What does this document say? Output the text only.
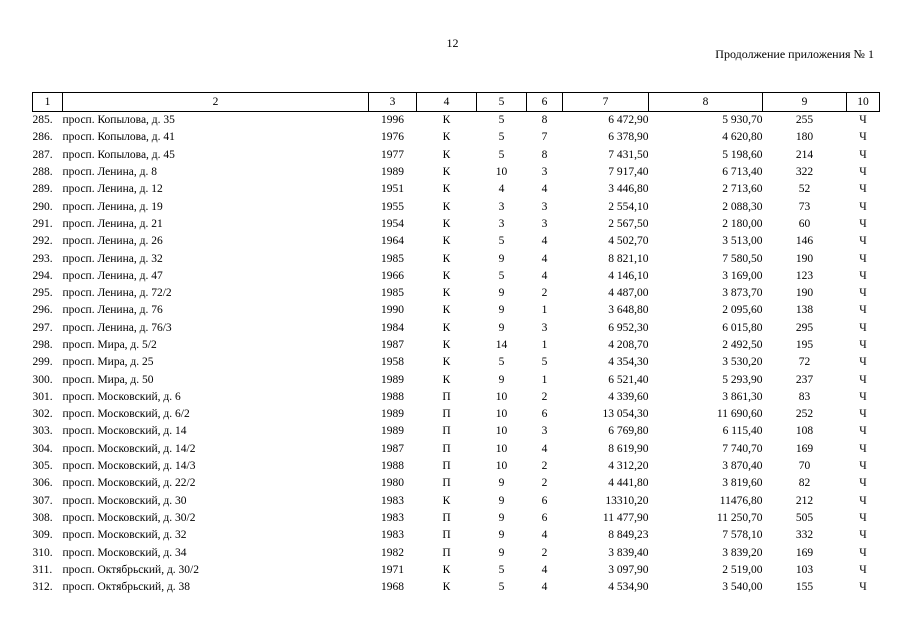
12
Продолжение приложения № 1
1	2	3	4	5	6	7	8	9	10
285.	просп. Копылова, д. 35	1996	К	5	8	6 472,90	5 930,70	255	Ч
286.	просп. Копылова, д. 41	1976	К	5	7	6 378,90	4 620,80	180	Ч
287.	просп. Копылова, д. 45	1977	К	5	8	7 431,50	5 198,60	214	Ч
288.	просп. Ленина, д. 8	1989	К	10	3	7 917,40	6 713,40	322	Ч
289.	просп. Ленина, д. 12	1951	К	4	4	3 446,80	2 713,60	52	Ч
290.	просп. Ленина, д. 19	1955	К	3	3	2 554,10	2 088,30	73	Ч
291.	просп. Ленина, д. 21	1954	К	3	3	2 567,50	2 180,00	60	Ч
292.	просп. Ленина, д. 26	1964	К	5	4	4 502,70	3 513,00	146	Ч
293.	просп. Ленина, д. 32	1985	К	9	4	8 821,10	7 580,50	190	Ч
294.	просп. Ленина, д. 47	1966	К	5	4	4 146,10	3 169,00	123	Ч
295.	просп. Ленина, д. 72/2	1985	К	9	2	4 487,00	3 873,70	190	Ч
296.	просп. Ленина, д. 76	1990	К	9	1	3 648,80	2 095,60	138	Ч
297.	просп. Ленина, д. 76/3	1984	К	9	3	6 952,30	6 015,80	295	Ч
298.	просп. Мира, д. 5/2	1987	К	14	1	4 208,70	2 492,50	195	Ч
299.	просп. Мира, д. 25	1958	К	5	5	4 354,30	3 530,20	72	Ч
300.	просп. Мира, д. 50	1989	К	9	1	6 521,40	5 293,90	237	Ч
301.	просп. Московский, д. 6	1988	П	10	2	4 339,60	3 861,30	83	Ч
302.	просп. Московский, д. 6/2	1989	П	10	6	13 054,30	11 690,60	252	Ч
303.	просп. Московский, д. 14	1989	П	10	3	6 769,80	6 115,40	108	Ч
304.	просп. Московский, д. 14/2	1987	П	10	4	8 619,90	7 740,70	169	Ч
305.	просп. Московский, д. 14/3	1988	П	10	2	4 312,20	3 870,40	70	Ч
306.	просп. Московский, д. 22/2	1980	П	9	2	4 441,80	3 819,60	82	Ч
307.	просп. Московский, д. 30	1983	К	9	6	13310,20	11476,80	212	Ч
308.	просп. Московский, д. 30/2	1983	П	9	6	11 477,90	11 250,70	505	Ч
309.	просп. Московский, д. 32	1983	П	9	4	8 849,23	7 578,10	332	Ч
310.	просп. Московский, д. 34	1982	П	9	2	3 839,40	3 839,20	169	Ч
311.	просп. Октябрьский, д. 30/2	1971	К	5	4	3 097,90	2 519,00	103	Ч
312.	просп. Октябрьский, д. 38	1968	К	5	4	4 534,90	3 540,00	155	Ч
